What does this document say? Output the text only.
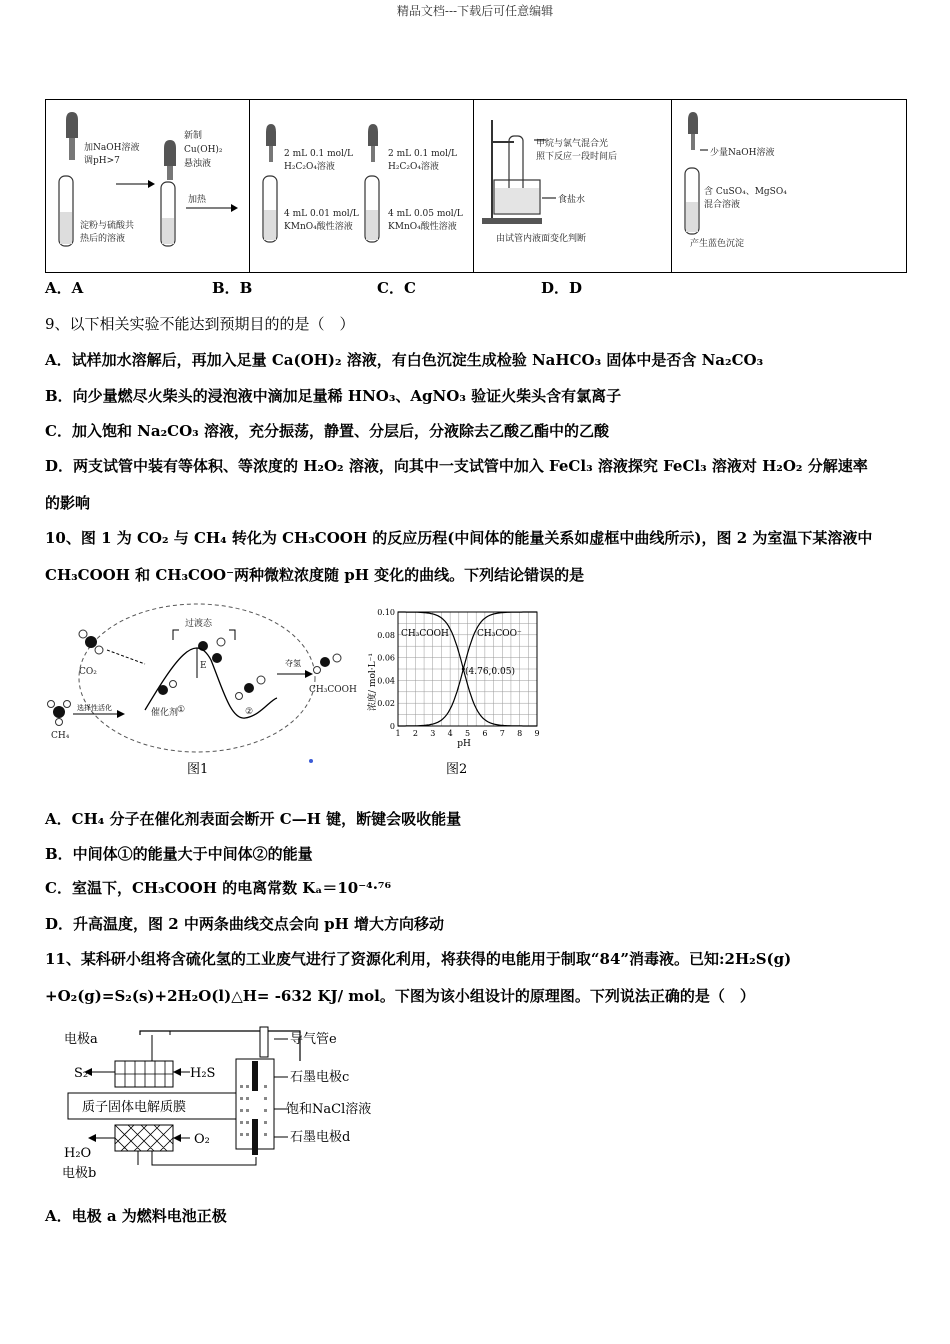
精品文档---下载后可任意编辑
加NaOH溶液
调pH>7
新制
Cu(OH)₂
悬浊液
加热
淀粉与硫酸共
热后的溶液
2 mL 0.1 mol/L
H₂C₂O₄溶液
2 mL 0.1 mol/L
H₂C₂O₄溶液
4 mL 0.01 mol/L
KMnO₄酸性溶液
4 mL 0.05 mol/L
KMnO₄酸性溶液
甲烷与氯气混合光
照下反应一段时间后
食盐水
由试管内液面变化判断
少量NaOH溶液
含 CuSO₄、MgSO₄
混合溶液
产生蓝色沉淀
A．A	B．B	C．C	D．D
9、以下相关实验不能达到预期目的的是（　）
A．试样加水溶解后，再加入足量 Ca(OH)₂ 溶液，有白色沉淀生成检验 NaHCO₃ 固体中是否含 Na₂CO₃
B．向少量燃尽火柴头的浸泡液中滴加足量稀 HNO₃、AgNO₃ 验证火柴头含有氯离子
C．加入饱和 Na₂CO₃ 溶液，充分振荡，静置、分层后，分液除去乙酸乙酯中的乙酸
D．两支试管中装有等体积、等浓度的 H₂O₂ 溶液，向其中一支试管中加入 FeCl₃ 溶液探究 FeCl₃ 溶液对 H₂O₂ 分解速率
的影响
10、图 1 为 CO₂ 与 CH₄ 转化为 CH₃COOH 的反应历程(中间体的能量关系如虚框中曲线所示)，图 2 为室温下某溶液中
CH₃COOH 和 CH₃COO⁻两种微粒浓度随 pH 变化的曲线。下列结论错误的是
CO₂
CH₄
选择性活化
过渡态
E
①
催化剂	②
夺氢
CH₃COOH
图1
1 2 3 4 5 6 7 8 9
0
0.02
0.04
0.06
0.08
0.10
浓度/ mol·L⁻¹
pH
CH₃COOH	CH₃COO⁻
(4.76,0.05)
图2
A．CH₄ 分子在催化剂表面会断开 C—H 键，断键会吸收能量
B．中间体①的能量大于中间体②的能量
C．室温下，CH₃COOH 的电离常数 Kₐ＝10⁻⁴·⁷⁶
D．升高温度，图 2 中两条曲线交点会向 pH 增大方向移动
11、某科研小组将含硫化氢的工业废气进行了资源化利用，将获得的电能用于制取“84”消毒液。已知:2H₂S(g)
+O₂(g)=S₂(s)+2H₂O(l)△H= -632 KJ/ mol。下图为该小组设计的原理图。下列说法正确的是（　）
电极a
S₂	H₂S
质子固体电解质膜
H₂O
O₂
电极b
导气管e
石墨电极c
饱和NaCl溶液
石墨电极d
A．电极 a 为燃料电池正极
